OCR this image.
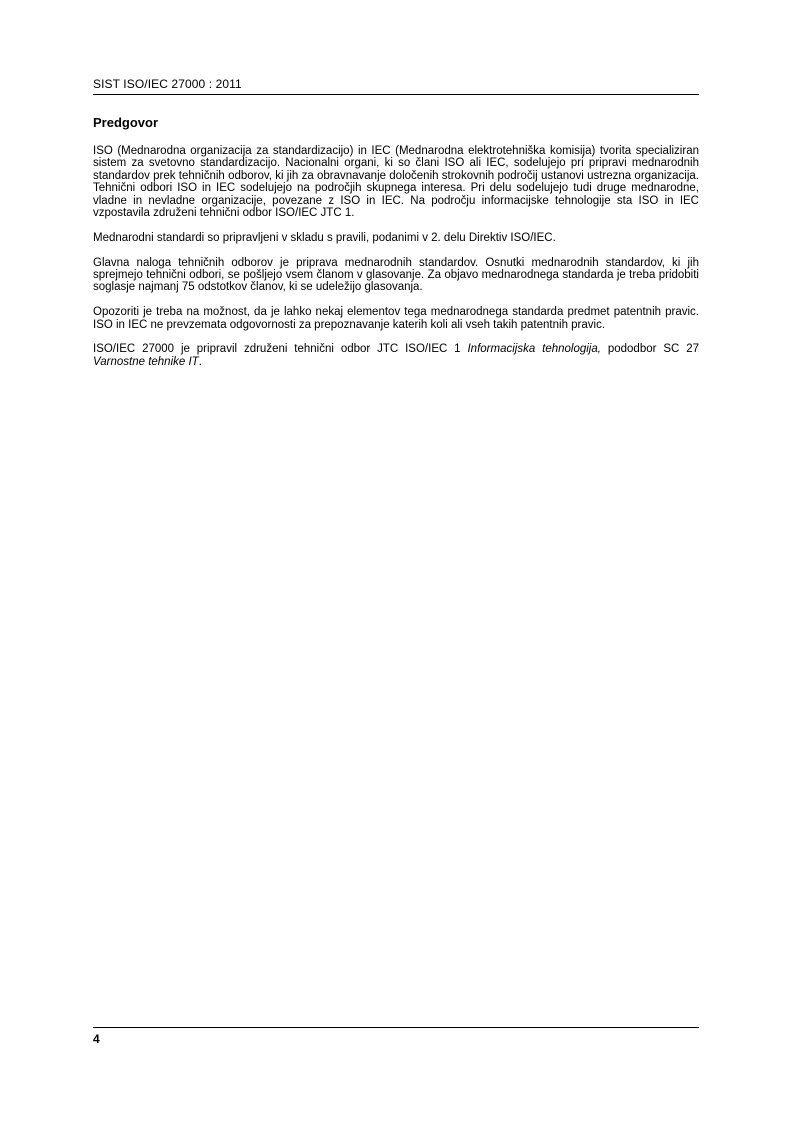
SIST ISO/IEC 27000 : 2011
Predgovor

ISO (Mednarodna organizacija za standardizacijo) in IEC (Mednarodna elektrotehniška komisija) tvorita specializiran sistem za svetovno standardizacijo. Nacionalni organi, ki so člani ISO ali IEC, sodelujejo pri pripravi mednarodnih standardov prek tehničnih odborov, ki jih za obravnavanje določenih strokovnih področij ustanovi ustrezna organizacija. Tehnični odbori ISO in IEC sodelujejo na področjih skupnega interesa. Pri delu sodelujejo tudi druge mednarodne, vladne in nevladne organizacije, povezane z ISO in IEC. Na področju informacijske tehnologije sta ISO in IEC vzpostavila združeni tehnični odbor ISO/IEC JTC 1.

Mednarodni standardi so pripravljeni v skladu s pravili, podanimi v 2. delu Direktiv ISO/IEC.

Glavna naloga tehničnih odborov je priprava mednarodnih standardov. Osnutki mednarodnih standardov, ki jih sprejmejo tehnični odbori, se pošljejo vsem članom v glasovanje. Za objavo mednarodnega standarda je treba pridobiti soglasje najmanj 75 odstotkov članov, ki se udeležijo glasovanja.

Opozoriti je treba na možnost, da je lahko nekaj elementov tega mednarodnega standarda predmet patentnih pravic. ISO in IEC ne prevzemata odgovornosti za prepoznavanje katerih koli ali vseh takih patentnih pravic.

ISO/IEC 27000 je pripravil združeni tehnični odbor JTC ISO/IEC 1 Informacijska tehnologija, pododbor SC 27 Varnostne tehnike IT.

4
